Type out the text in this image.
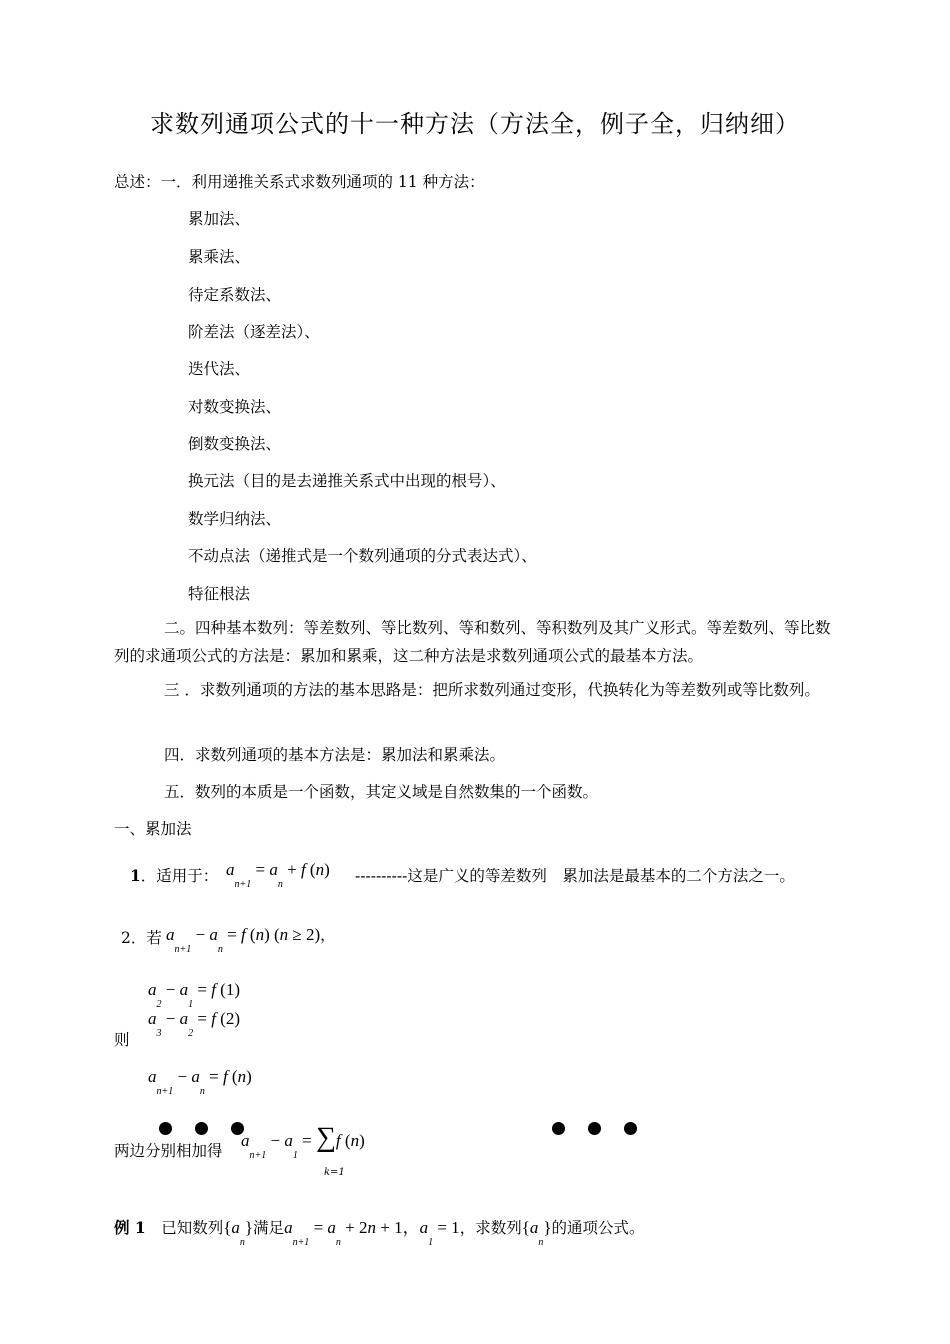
求数列通项公式的十一种方法（方法全，例子全，归纳细）
总述：一．利用递推关系式求数列通项的 11 种方法：
累加法、
累乘法、
待定系数法、
阶差法（逐差法）、
迭代法、
对数变换法、
倒数变换法、
换元法（目的是去递推关系式中出现的根号）、
数学归纳法、
不动点法（递推式是一个数列通项的分式表达式）、
特征根法
二。四种基本数列：等差数列、等比数列、等和数列、等积数列及其广义形式。等差数列、等比数列的求通项公式的方法是：累加和累乘，这二种方法是求数列通项公式的最基本方法。
三 ．求数列通项的方法的基本思路是：把所求数列通过变形，代换转化为等差数列或等比数列。
四．求数列通项的基本方法是：累加法和累乘法。
五．数列的本质是一个函数，其定义域是自然数集的一个函数。
一、累加法
1．适用于： $a_{n+1} = a_n + f$ (n) ----------这是广义的等差数列　累加法是最基本的二个方法之一。
2．若 $a_{n+1} - a_n = f$ (n) (n ≥ 2)，
$a_2 - a_1 = f$ (1)
$a_3 - a_2 = f$ (2)
则
$a_{n+1} - a_n = f$ (n)
两边分别相加得
$a_{n+1} - a_1 = \sum f$ (n)
k=1
例 1　已知数列$\{a_n\}$满足$a_{n+1} = a_n + 2n + 1$，$a_1 = 1$，求数列$\{a_n\}$的通项公式。
